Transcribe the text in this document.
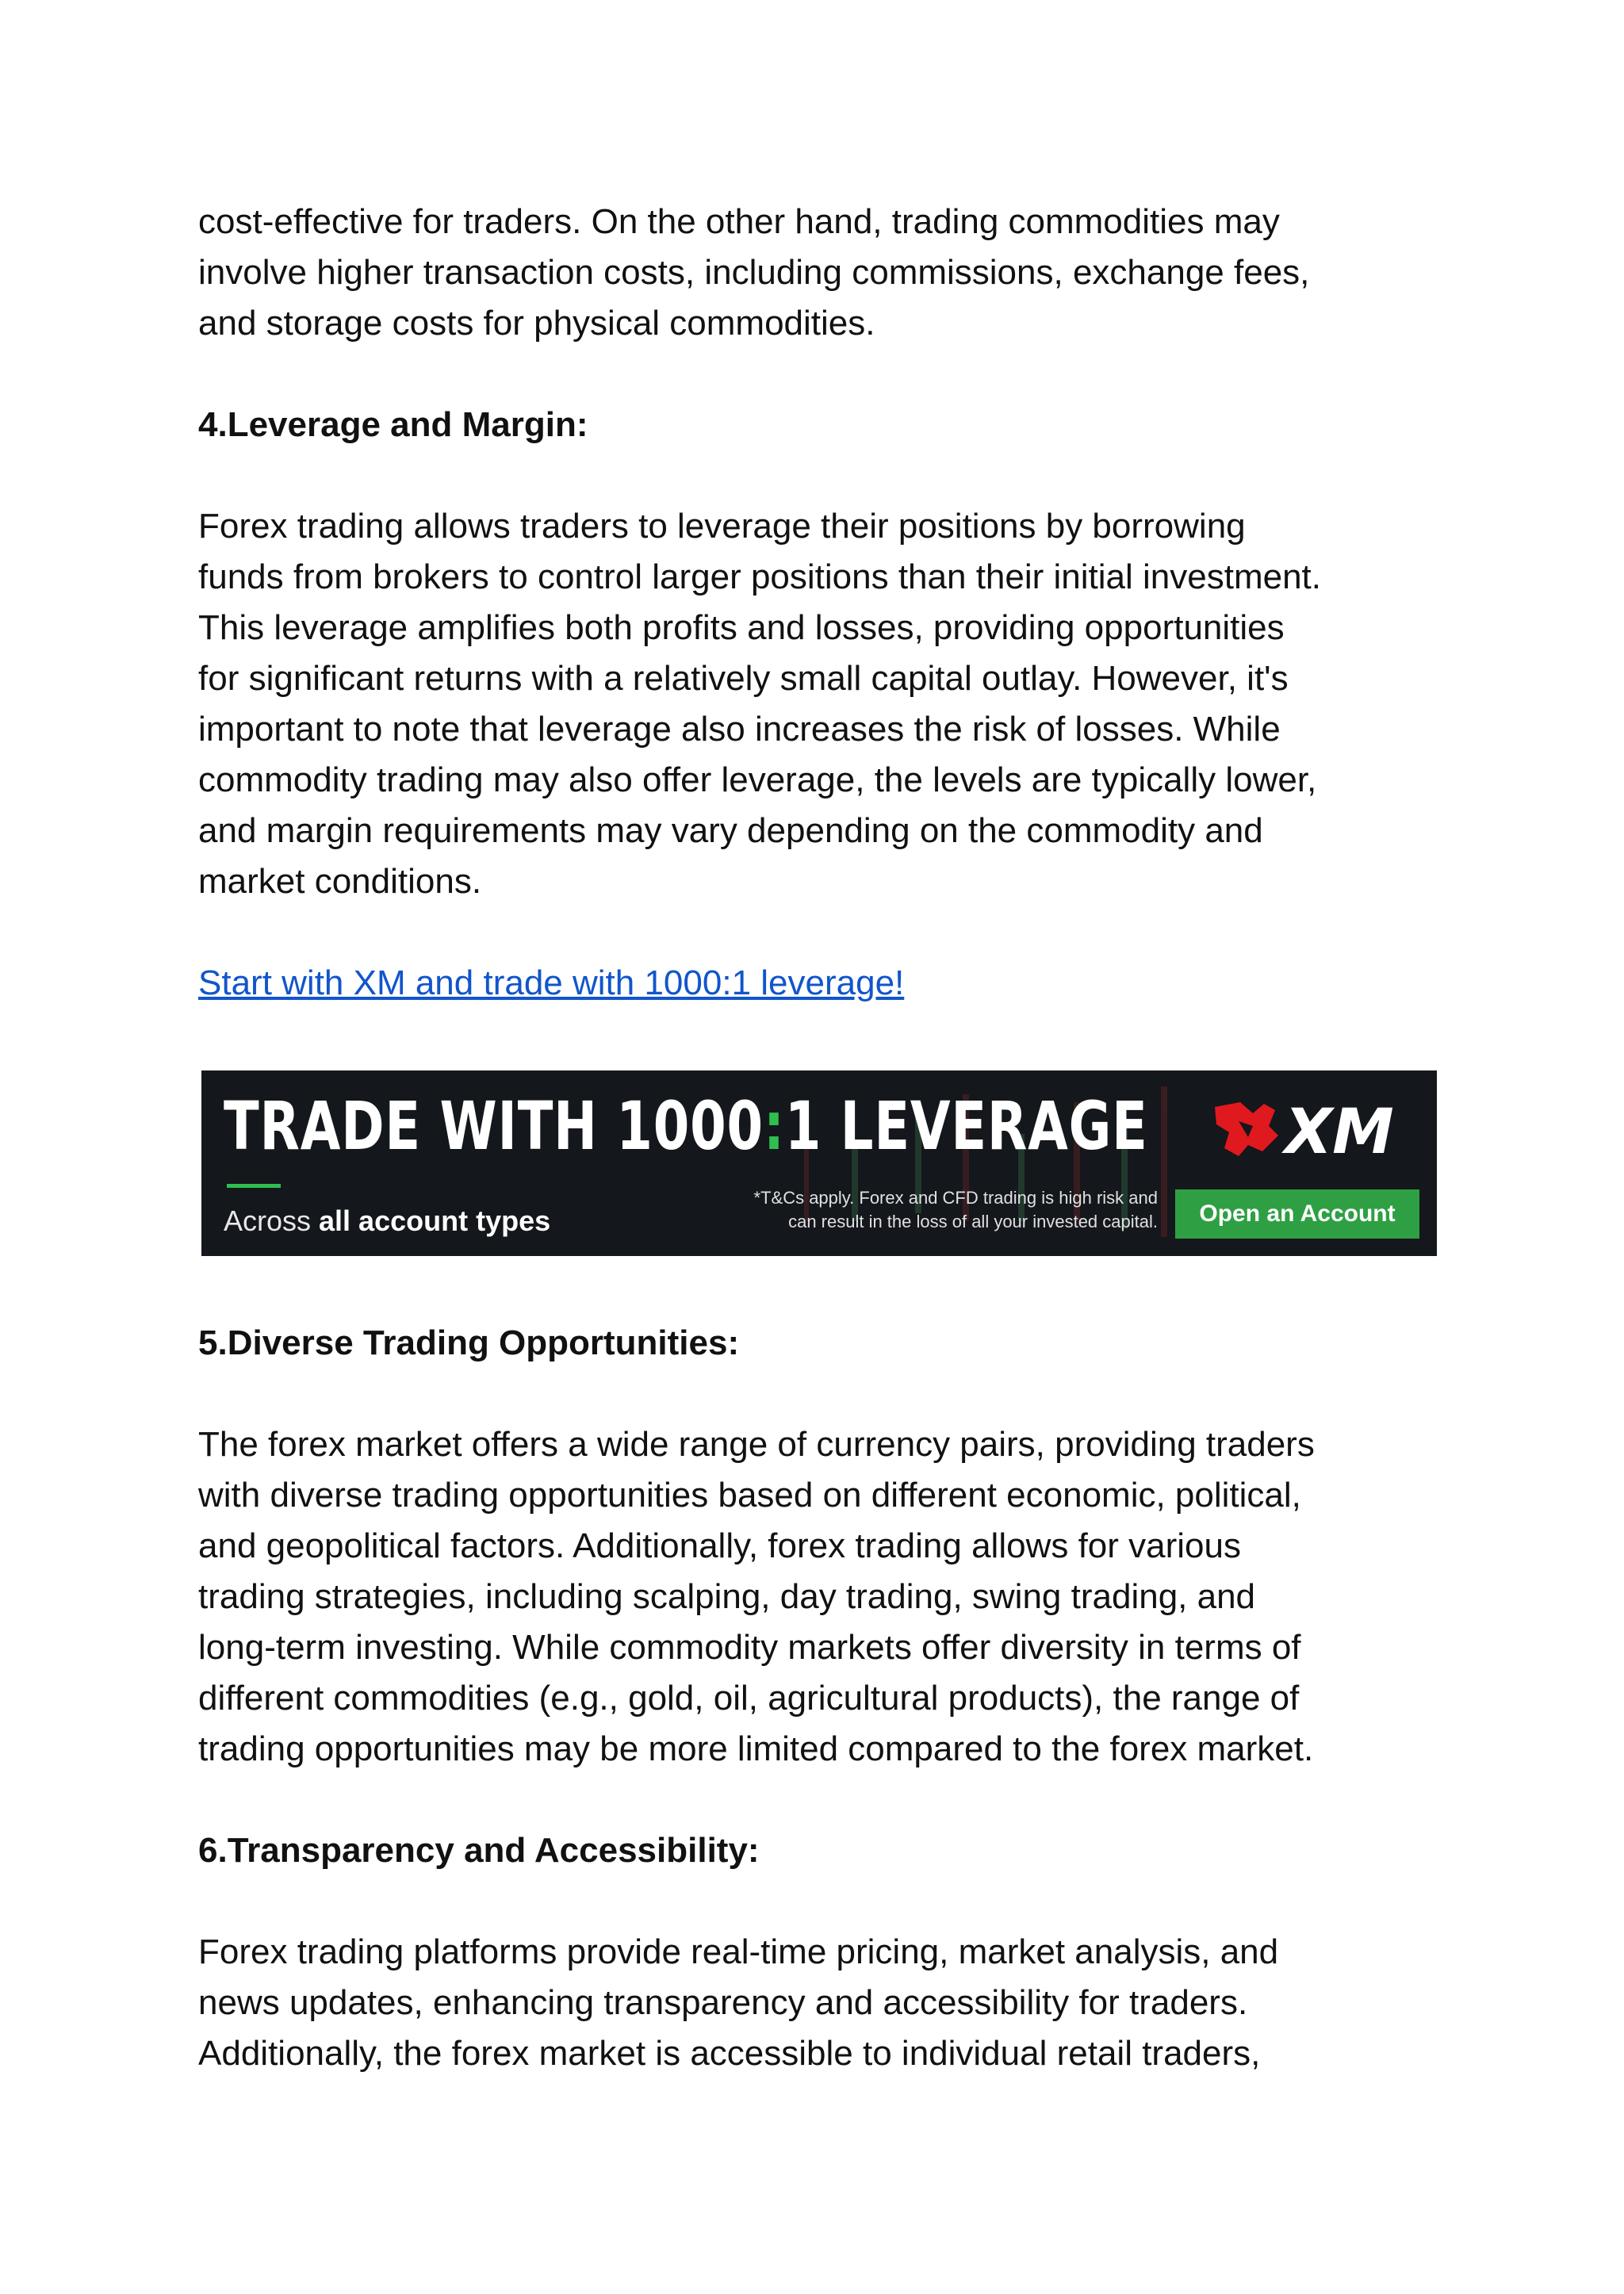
cost-effective for traders. On the other hand, trading commodities may
involve higher transaction costs, including commissions, exchange fees,
and storage costs for physical commodities.

4.Leverage and Margin:

Forex trading allows traders to leverage their positions by borrowing
funds from brokers to control larger positions than their initial investment.
This leverage amplifies both profits and losses, providing opportunities
for significant returns with a relatively small capital outlay. However, it's
important to note that leverage also increases the risk of losses. While
commodity trading may also offer leverage, the levels are typically lower,
and margin requirements may vary depending on the commodity and
market conditions.

Start with XM and trade with 1000:1 leverage!
TRADE WITH 1000:1 LEVERAGE
Across all account types
*T&Cs apply. Forex and CFD trading is high risk and
can result in the loss of all your invested capital.
XM
Open an Account
5.Diverse Trading Opportunities:

The forex market offers a wide range of currency pairs, providing traders
with diverse trading opportunities based on different economic, political,
and geopolitical factors. Additionally, forex trading allows for various
trading strategies, including scalping, day trading, swing trading, and
long-term investing. While commodity markets offer diversity in terms of
different commodities (e.g., gold, oil, agricultural products), the range of
trading opportunities may be more limited compared to the forex market.

6.Transparency and Accessibility:

Forex trading platforms provide real-time pricing, market analysis, and
news updates, enhancing transparency and accessibility for traders.
Additionally, the forex market is accessible to individual retail traders,
